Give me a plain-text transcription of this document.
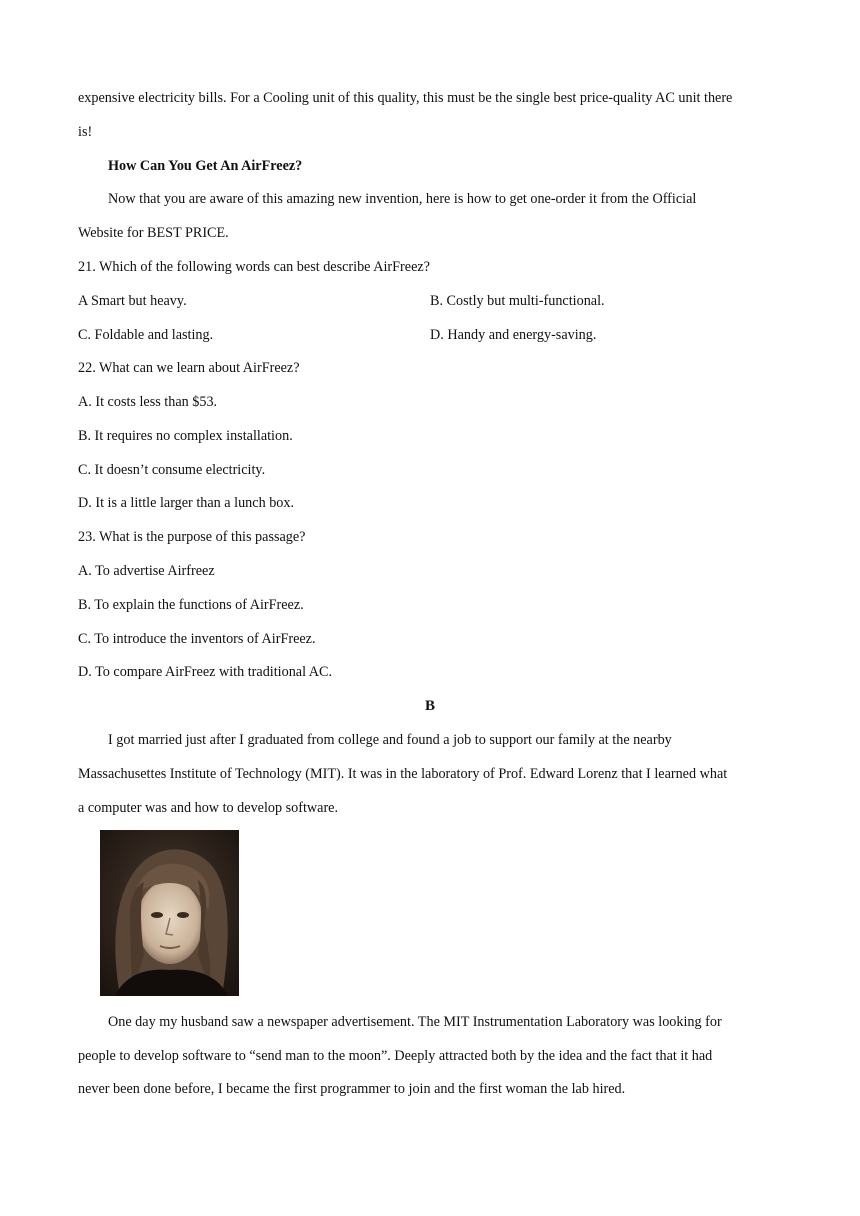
expensive electricity bills. For a Cooling unit of this quality, this must be the single best price-quality AC unit there
is!
How Can You Get An AirFreez?
Now that you are aware of this amazing new invention, here is how to get one-order it from the Official
Website for BEST PRICE.
21. Which of the following words can best describe AirFreez?
A Smart but heavy.	B. Costly but multi-functional.
C. Foldable and lasting.	D. Handy and energy-saving.
22. What can we learn about AirFreez?
A. It costs less than $53.
B. It requires no complex installation.
C. It doesn’t consume electricity.
D. It is a little larger than a lunch box.
23. What is the purpose of this passage?
A. To advertise Airfreez
B. To explain the functions of AirFreez.
C. To introduce the inventors of AirFreez.
D. To compare AirFreez with traditional AC.
B
I got married just after I graduated from college and found a job to support our family at the nearby
Massachusettes Institute of Technology (MIT). It was in the laboratory of Prof. Edward Lorenz that I learned what
a computer was and how to develop software.
One day my husband saw a newspaper advertisement. The MIT Instrumentation Laboratory was looking for
people to develop software to “send man to the moon”. Deeply attracted both by the idea and the fact that it had
never been done before, I became the first programmer to join and the first woman the lab hired.
